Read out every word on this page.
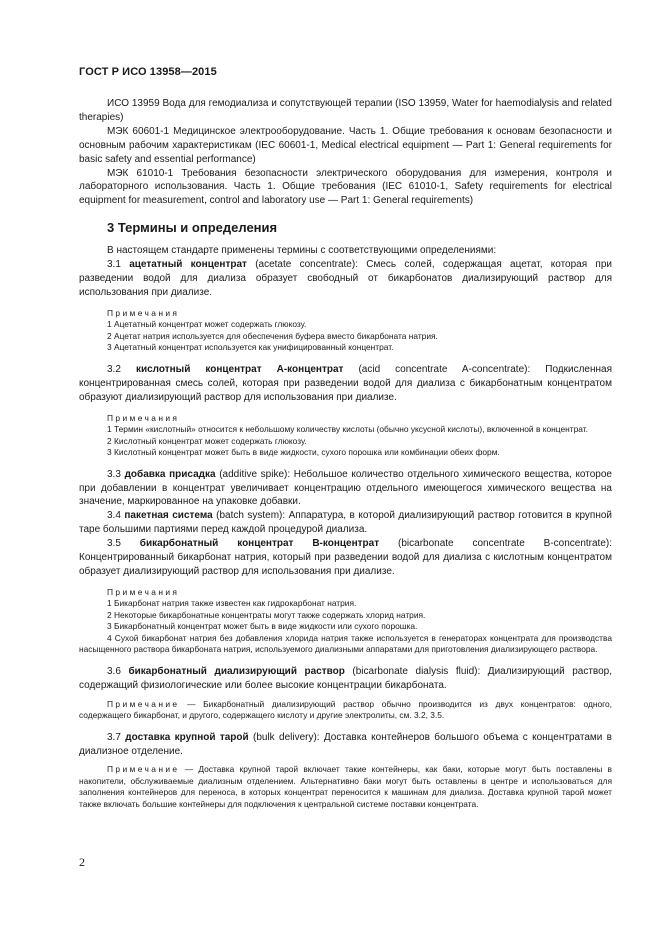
ГОСТ Р ИСО 13958—2015

ИСО 13959 Вода для гемодиализа и сопутствующей терапии (ISO 13959, Water for haemodialysis and related therapies)

МЭК 60601-1 Медицинское электрооборудование. Часть 1. Общие требования к основам безопасности и основным рабочим характеристикам (IEC 60601-1, Medical electrical equipment — Part 1: General requirements for basic safety and essential performance)

МЭК 61010-1 Требования безопасности электрического оборудования для измерения, контроля и лабораторного использования. Часть 1. Общие требования (IEC 61010-1, Safety requirements for electrical equipment for measurement, control and laboratory use — Part 1: General requirements)

3 Термины и определения

В настоящем стандарте применены термины с соответствующими определениями:

3.1 ацетатный концентрат (acetate concentrate): Смесь солей, содержащая ацетат, которая при разведении водой для диализа образует свободный от бикарбонатов диализирующий раствор для использования при диализе.

Примечания

1 Ацетатный концентрат может содержать глюкозу.

2 Ацетат натрия используется для обеспечения буфера вместо бикарбоната натрия.

3 Ацетатный концентрат используется как унифицированный концентрат.

3.2 кислотный концентрат А-концентрат (acid concentrate A-concentrate): Подкисленная концентрированная смесь солей, которая при разведении водой для диализа с бикарбонатным концентратом образуют диализирующий раствор для использования при диализе.

Примечания

1 Термин «кислотный» относится к небольшому количеству кислоты (обычно уксусной кислоты), включенной в концентрат.

2 Кислотный концентрат может содержать глюкозу.

3 Кислотный концентрат может быть в виде жидкости, сухого порошка или комбинации обеих форм.

3.3 добавка присадка (additive spike): Небольшое количество отдельного химического вещества, которое при добавлении в концентрат увеличивает концентрацию отдельного имеющегося химического вещества на значение, маркированное на упаковке добавки.

3.4 пакетная система (batch system): Аппаратура, в которой диализирующий раствор готовится в крупной таре большими партиями перед каждой процедурой диализа.

3.5 бикарбонатный концентрат В-концентрат (bicarbonate concentrate B-concentrate): Концентрированный бикарбонат натрия, который при разведении водой для диализа с кислотным концентратом образует диализирующий раствор для использования при диализе.

Примечания

1 Бикарбонат натрия также известен как гидрокарбонат натрия.

2 Некоторые бикарбонатные концентраты могут также содержать хлорид натрия.

3 Бикарбонатный концентрат может быть в виде жидкости или сухого порошка.

4 Сухой бикарбонат натрия без добавления хлорида натрия также используется в генераторах концентрата для производства насыщенного раствора бикарбоната натрия, используемого диализными аппаратами для приготовления диализирующего раствора.

3.6 бикарбонатный диализирующий раствор (bicarbonate dialysis fluid): Диализирующий раствор, содержащий физиологические или более высокие концентрации бикарбоната.

Примечание — Бикарбонатный диализирующий раствор обычно производится из двух концентратов: одного, содержащего бикарбонат, и другого, содержащего кислоту и другие электролиты, см. 3.2, 3.5.

3.7 доставка крупной тарой (bulk delivery): Доставка контейнеров большого объема с концентратами в диализное отделение.

Примечание — Доставка крупной тарой включает такие контейнеры, как баки, которые могут быть поставлены в накопители, обслуживаемые диализным отделением. Альтернативно баки могут быть оставлены в центре и использоваться для заполнения контейнеров для переноса, в которых концентрат переносится к машинам для диализа. Доставка крупной тарой может также включать большие контейнеры для подключения к центральной системе поставки концентрата.

2
